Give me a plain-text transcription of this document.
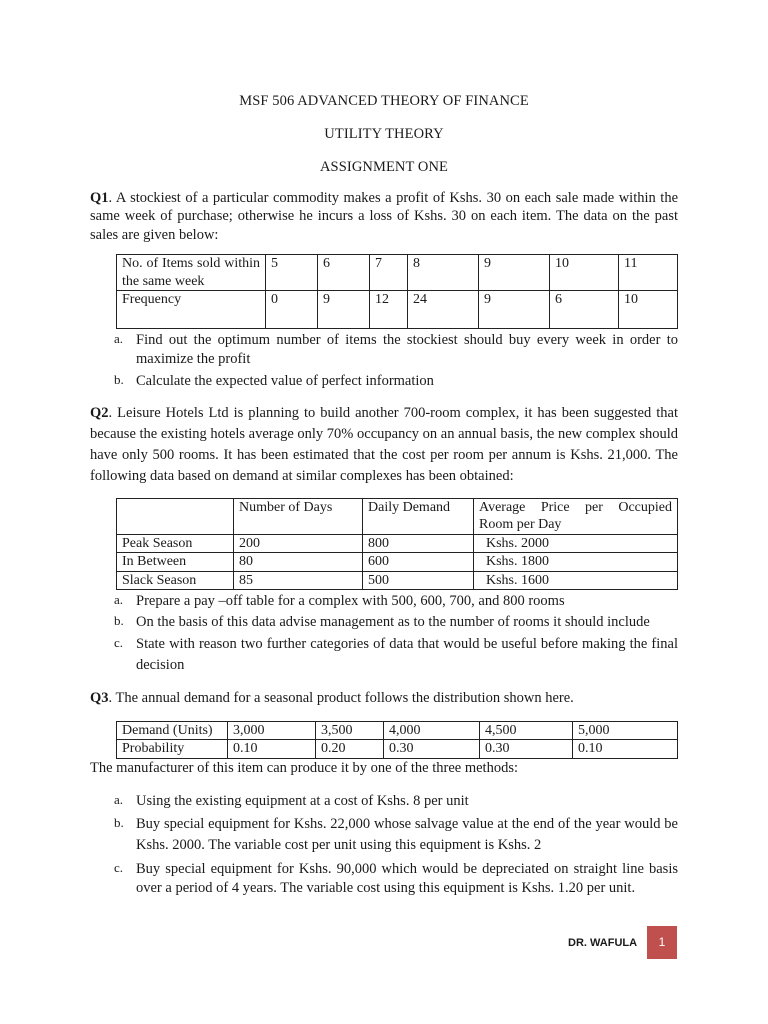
MSF 506 ADVANCED THEORY OF FINANCE
UTILITY THEORY
ASSIGNMENT ONE

Q1. A stockiest of a particular commodity makes a profit of Kshs. 30 on each sale made within the same week of purchase; otherwise he incurs a loss of Kshs. 30 on each item. The data on the past sales are given below:

No. of Items sold within the same week	5	6	7	8	9	10	11
Frequency	0	9	12	24	9	6	10
a. Find out the optimum number of items the stockiest should buy every week in order to maximize the profit
b. Calculate the expected value of perfect information

Q2. Leisure Hotels Ltd is planning to build another 700-room complex, it has been suggested that because the existing hotels average only 70% occupancy on an annual basis, the new complex should have only 500 rooms. It has been estimated that the cost per room per annum is Kshs. 21,000. The following data based on demand at similar complexes has been obtained:

	Number of Days	Daily Demand	Average Price per Occupied Room per Day
Peak Season	200	800	Kshs. 2000
In Between	80	600	Kshs. 1800
Slack Season	85	500	Kshs. 1600
a. Prepare a pay –off table for a complex with 500, 600, 700, and 800 rooms
b. On the basis of this data advise management as to the number of rooms it should include
c. State with reason two further categories of data that would be useful before making the final decision

Q3. The annual demand for a seasonal product follows the distribution shown here.

Demand (Units)	3,000	3,500	4,000	4,500	5,000
Probability	0.10	0.20	0.30	0.30	0.10

The manufacturer of this item can produce it by one of the three methods:

a. Using the existing equipment at a cost of Kshs. 8 per unit
b. Buy special equipment for Kshs. 22,000 whose salvage value at the end of the year would be Kshs. 2000. The variable cost per unit using this equipment is Kshs. 2
c. Buy special equipment for Kshs. 90,000 which would be depreciated on straight line basis over a period of 4 years. The variable cost using this equipment is Kshs. 1.20 per unit.
DR. WAFULA	1
